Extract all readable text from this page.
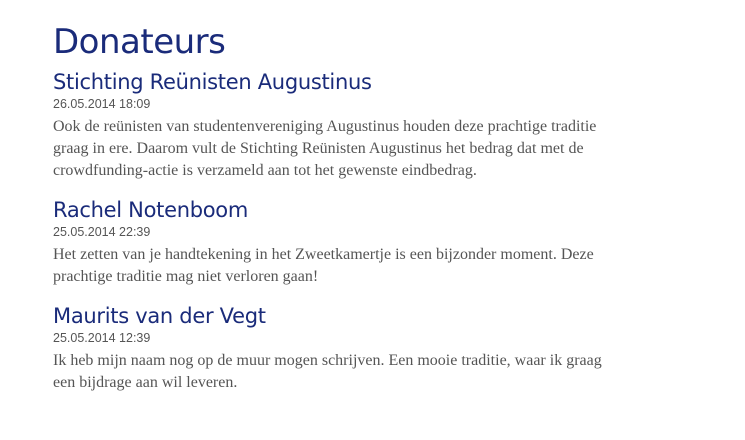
Donateurs
Stichting Reünisten Augustinus
26.05.2014 18:09

Ook de reünisten van studentenvereniging Augustinus houden deze prachtige traditie
graag in ere. Daarom vult de Stichting Reünisten Augustinus het bedrag dat met de
crowdfunding-actie is verzameld aan tot het gewenste eindbedrag.

Rachel Notenboom
25.05.2014 22:39

Het zetten van je handtekening in het Zweetkamertje is een bijzonder moment. Deze
prachtige traditie mag niet verloren gaan!

Maurits van der Vegt
25.05.2014 12:39

Ik heb mijn naam nog op de muur mogen schrijven. Een mooie traditie, waar ik graag
een bijdrage aan wil leveren.
